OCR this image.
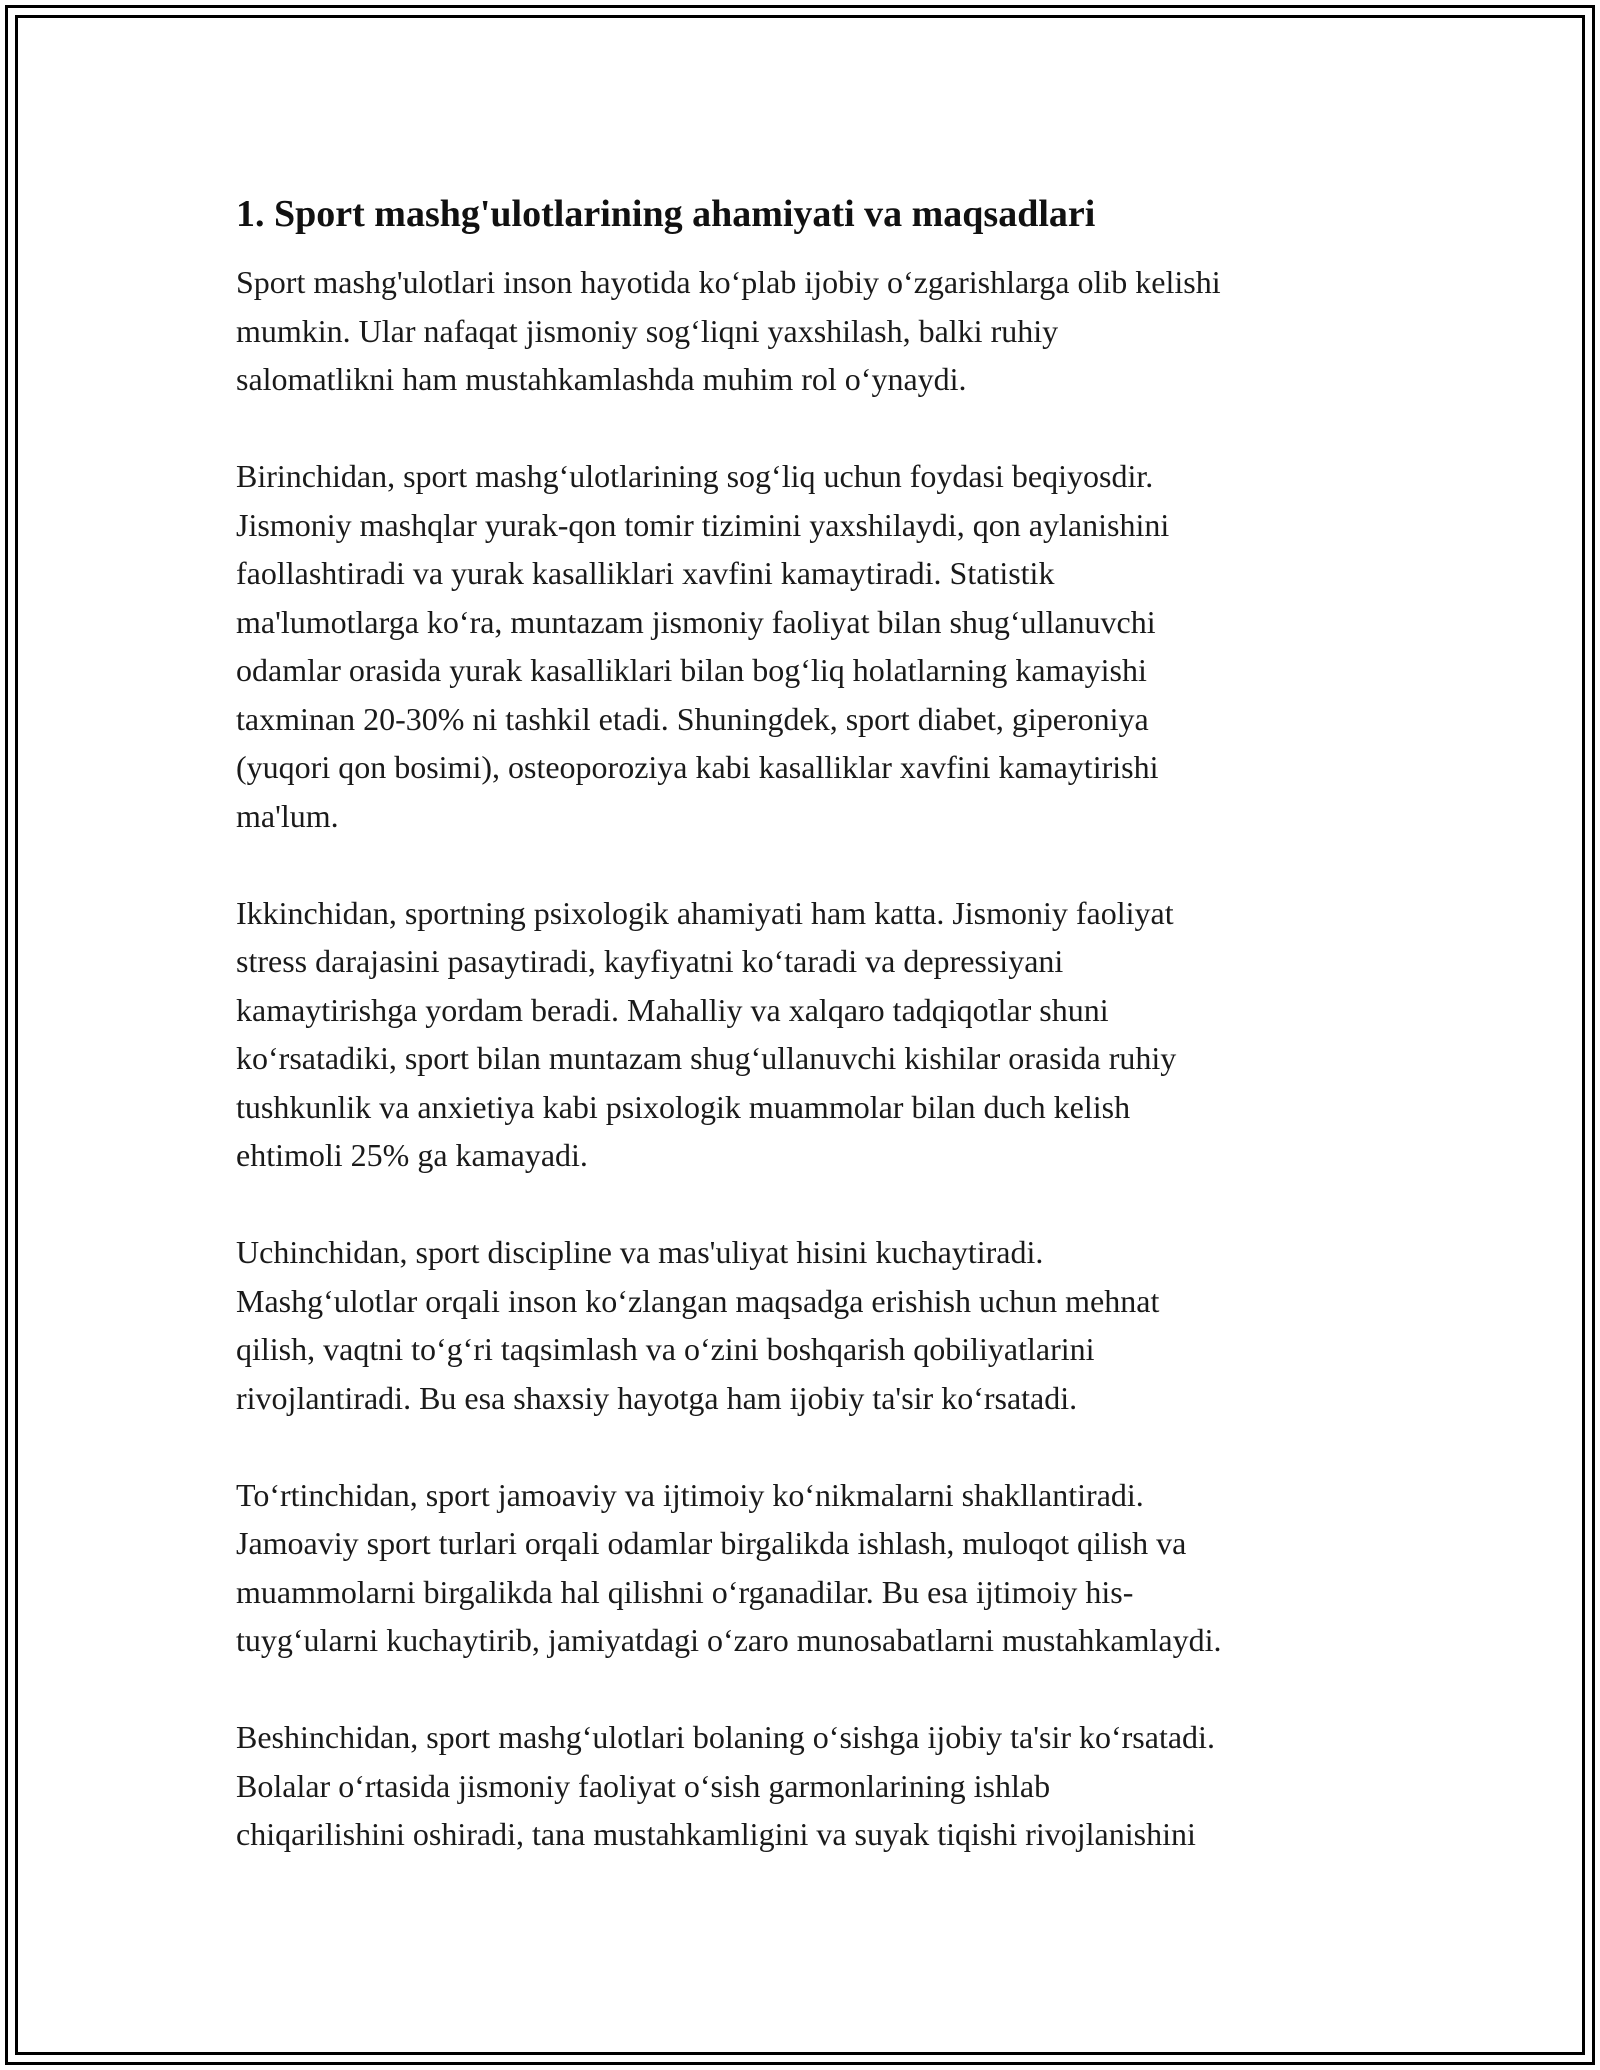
1. Sport mashg'ulotlarining ahamiyati va maqsadlari

Sport mashg'ulotlari inson hayotida koʻplab ijobiy oʻzgarishlarga olib kelishi
mumkin. Ular nafaqat jismoniy sogʻliqni yaxshilash, balki ruhiy
salomatlikni ham mustahkamlashda muhim rol oʻynaydi.

Birinchidan, sport mashgʻulotlarining sogʻliq uchun foydasi beqiyosdir.
Jismoniy mashqlar yurak-qon tomir tizimini yaxshilaydi, qon aylanishini
faollashtiradi va yurak kasalliklari xavfini kamaytiradi. Statistik
ma'lumotlarga koʻra, muntazam jismoniy faoliyat bilan shugʻullanuvchi
odamlar orasida yurak kasalliklari bilan bogʻliq holatlarning kamayishi
taxminan 20-30% ni tashkil etadi. Shuningdek, sport diabet, giperoniya
(yuqori qon bosimi), osteoporoziya kabi kasalliklar xavfini kamaytirishi
ma'lum.

Ikkinchidan, sportning psixologik ahamiyati ham katta. Jismoniy faoliyat
stress darajasini pasaytiradi, kayfiyatni koʻtaradi va depressiyani
kamaytirishga yordam beradi. Mahalliy va xalqaro tadqiqotlar shuni
koʻrsatadiki, sport bilan muntazam shugʻullanuvchi kishilar orasida ruhiy
tushkunlik va anxietiya kabi psixologik muammolar bilan duch kelish
ehtimoli 25% ga kamayadi.

Uchinchidan, sport discipline va mas'uliyat hisini kuchaytiradi.
Mashgʻulotlar orqali inson koʻzlangan maqsadga erishish uchun mehnat
qilish, vaqtni toʻgʻri taqsimlash va oʻzini boshqarish qobiliyatlarini
rivojlantiradi. Bu esa shaxsiy hayotga ham ijobiy ta'sir koʻrsatadi.

Toʻrtinchidan, sport jamoaviy va ijtimoiy koʻnikmalarni shakllantiradi.
Jamoaviy sport turlari orqali odamlar birgalikda ishlash, muloqot qilish va
muammolarni birgalikda hal qilishni oʻrganadilar. Bu esa ijtimoiy his-
tuygʻularni kuchaytirib, jamiyatdagi oʻzaro munosabatlarni mustahkamlaydi.

Beshinchidan, sport mashgʻulotlari bolaning oʻsishga ijobiy ta'sir koʻrsatadi.
Bolalar oʻrtasida jismoniy faoliyat oʻsish garmonlarining ishlab
chiqarilishini oshiradi, tana mustahkamligini va suyak tiqishi rivojlanishini
